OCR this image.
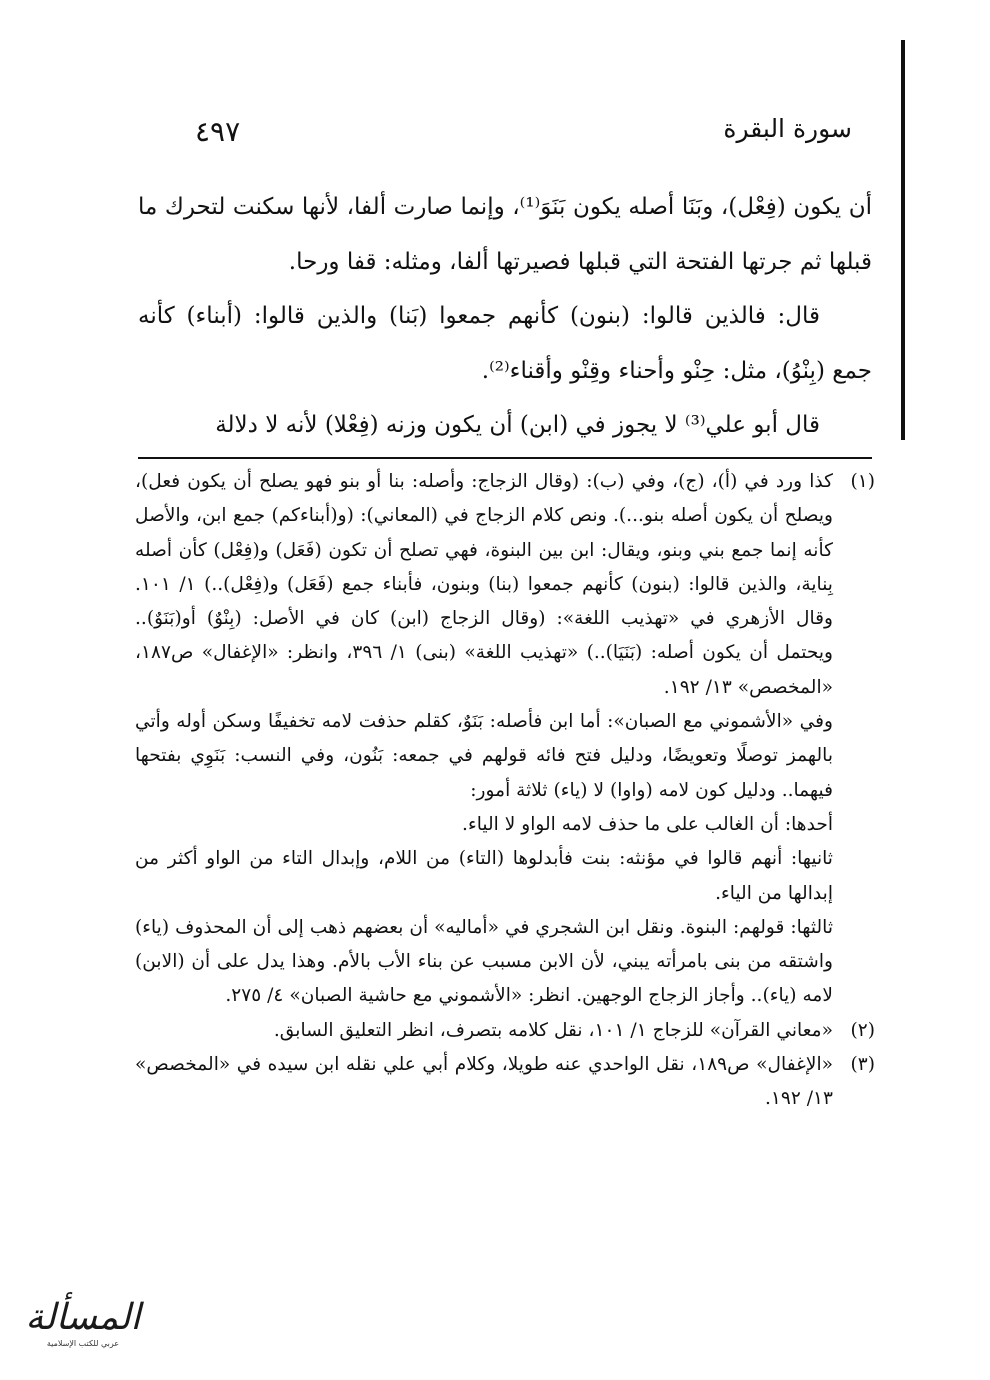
٤٩٧	سورة البقرة

أن يكون (فِعْل)، وبَنَا أصله يكون بَنَوَ⁽¹⁾، وإنما صارت ألفا، لأنها سكنت لتحرك ما قبلها ثم جرتها الفتحة التي قبلها فصيرتها ألفا، ومثله: قفا ورحا.

قال: فالذين قالوا: (بنون) كأنهم جمعوا (بَنا) والذين قالوا: (أبناء) كأنه جمع (بِنْوُ)، مثل: حِنْو وأحناء وقِنْو وأقناء⁽²⁾.

قال أبو علي⁽³⁾ لا يجوز في (ابن) أن يكون وزنه (فِعْلا) لأنه لا دلالة

(١)

كذا ورد في (أ)، (ج)، وفي (ب): (وقال الزجاج: وأصله: بنا أو بنو فهو يصلح أن يكون فعل)، ويصلح أن يكون أصله بنو...). ونص كلام الزجاج في (المعاني): (و(أبناءكم) جمع ابن، والأصل كأنه إنما جمع بني وبنو، ويقال: ابن بين البنوة، فهي تصلح أن تكون (فَعَل) و(فِعْل) كأن أصله بِناية، والذين قالوا: (بنون) كأنهم جمعوا (بنا) وبنون، فأبناء جمع (فَعَل) و(فِعْل)..) ١/ ١٠١. وقال الأزهري في «تهذيب اللغة»: (وقال الزجاج (ابن) كان في الأصل: (بِنْوٌ) أو(بَنَوٌ).. ويحتمل أن يكون أصله: (بَنَيَا)..) «تهذيب اللغة» (بنى) ١/ ٣٩٦، وانظر: «الإغفال» ص١٨٧، «المخصص» ١٣/ ١٩٢.

وفي «الأشموني مع الصبان»: أما ابن فأصله: بَنَوٌ، كقلم حذفت لامه تخفيفًا وسكن أوله وأتي بالهمز توصلًا وتعويضًا، ودليل فتح فائه قولهم في جمعه: بَنُون، وفي النسب: بَنَوِي بفتحها فيهما.. ودليل كون لامه (واوا) لا (ياء) ثلاثة أمور:

أحدها: أن الغالب على ما حذف لامه الواو لا الياء.

ثانيها: أنهم قالوا في مؤنثه: بنت فأبدلوها (التاء) من اللام، وإبدال التاء من الواو أكثر من إبدالها من الياء.

ثالثها: قولهم: البنوة. ونقل ابن الشجري في «أماليه» أن بعضهم ذهب إلى أن المحذوف (ياء) واشتقه من بنى بامرأته يبني، لأن الابن مسبب عن بناء الأب بالأم. وهذا يدل على أن (الابن) لامه (ياء).. وأجاز الزجاج الوجهين. انظر: «الأشموني مع حاشية الصبان» ٤/ ٢٧٥.

(٢)

«معاني القرآن» للزجاج ١/ ١٠١، نقل كلامه بتصرف، انظر التعليق السابق.

(٣)

«الإغفال» ص١٨٩، نقل الواحدي عنه طويلا، وكلام أبي علي نقله ابن سيده في «المخصص» ١٣/ ١٩٢.

المسألة
عربي للكتب الإسلامية
